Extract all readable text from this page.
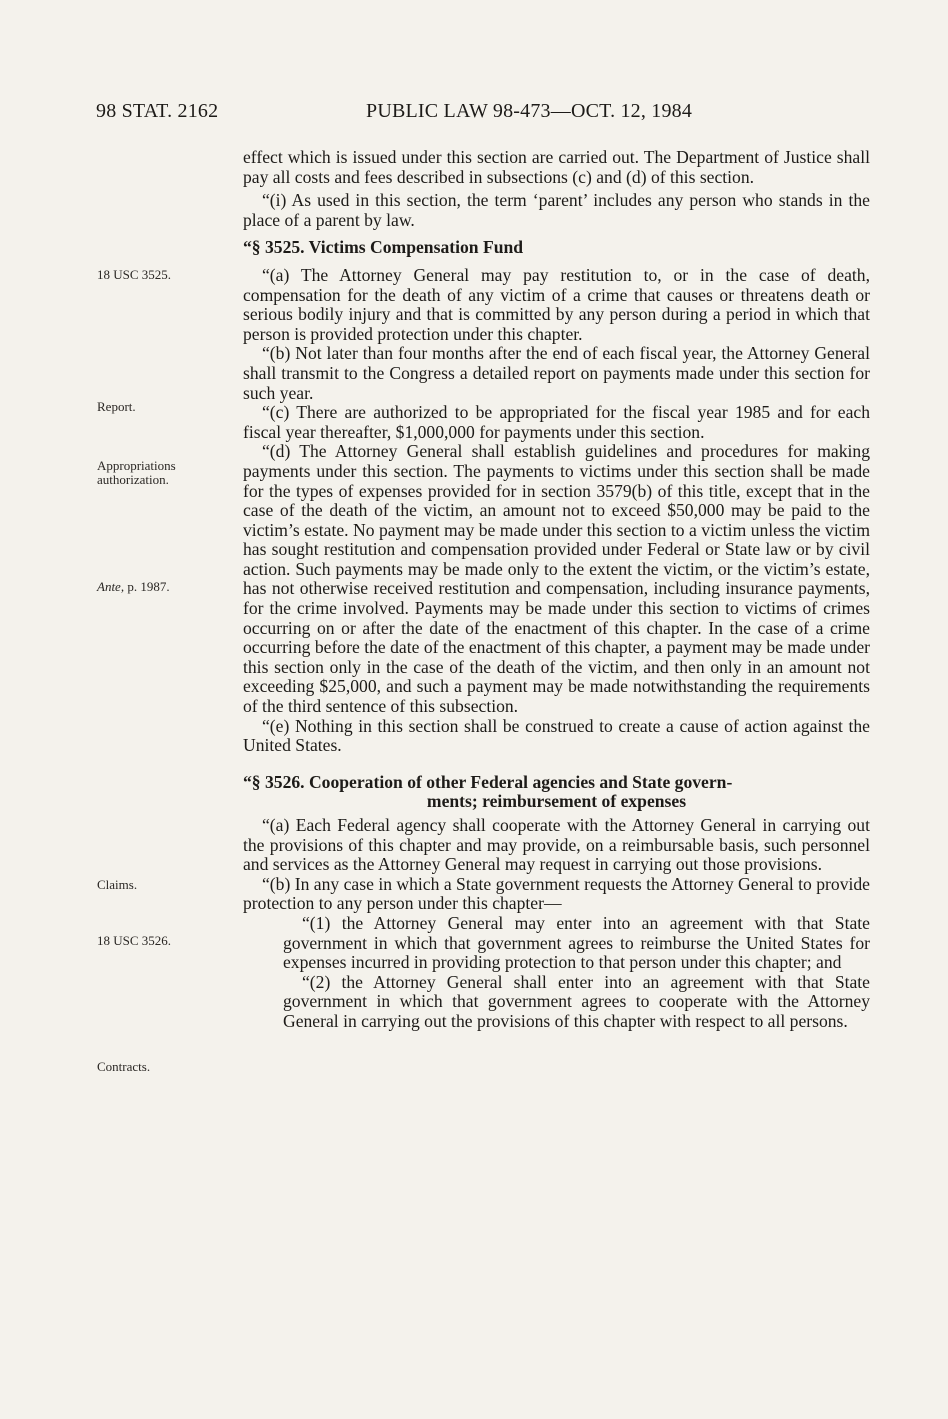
98 STAT. 2162	PUBLIC LAW 98-473—OCT. 12, 1984
18 USC 3525.
Report.
Appropriations authorization.
Ante, p. 1987.
Claims.
18 USC 3526.
Contracts.

effect which is issued under this section are carried out. The Department of Justice shall pay all costs and fees described in subsections (c) and (d) of this section.

“(i) As used in this section, the term ‘parent’ includes any person who stands in the place of a parent by law.

“§ 3525. Victims Compensation Fund

“(a) The Attorney General may pay restitution to, or in the case of death, compensation for the death of any victim of a crime that causes or threatens death or serious bodily injury and that is committed by any person during a period in which that person is provided protection under this chapter.

“(b) Not later than four months after the end of each fiscal year, the Attorney General shall transmit to the Congress a detailed report on payments made under this section for such year.

“(c) There are authorized to be appropriated for the fiscal year 1985 and for each fiscal year thereafter, $1,000,000 for payments under this section.

“(d) The Attorney General shall establish guidelines and procedures for making payments under this section. The payments to victims under this section shall be made for the types of expenses provided for in section 3579(b) of this title, except that in the case of the death of the victim, an amount not to exceed $50,000 may be paid to the victim’s estate. No payment may be made under this section to a victim unless the victim has sought restitution and compensation provided under Federal or State law or by civil action. Such payments may be made only to the extent the victim, or the victim’s estate, has not otherwise received restitution and compensation, including insurance payments, for the crime involved. Payments may be made under this section to victims of crimes occurring on or after the date of the enactment of this chapter. In the case of a crime occurring before the date of the enactment of this chapter, a payment may be made under this section only in the case of the death of the victim, and then only in an amount not exceeding $25,000, and such a payment may be made notwithstanding the requirements of the third sentence of this subsection.

“(e) Nothing in this section shall be construed to create a cause of action against the United States.

“§ 3526. Cooperation of other Federal agencies and State govern-
ments; reimbursement of expenses

“(a) Each Federal agency shall cooperate with the Attorney General in carrying out the provisions of this chapter and may provide, on a reimbursable basis, such personnel and services as the Attorney General may request in carrying out those provisions.

“(b) In any case in which a State government requests the Attorney General to provide protection to any person under this chapter—

“(1) the Attorney General may enter into an agreement with that State government in which that government agrees to reimburse the United States for expenses incurred in providing protection to that person under this chapter; and

“(2) the Attorney General shall enter into an agreement with that State government in which that government agrees to cooperate with the Attorney General in carrying out the provisions of this chapter with respect to all persons.
